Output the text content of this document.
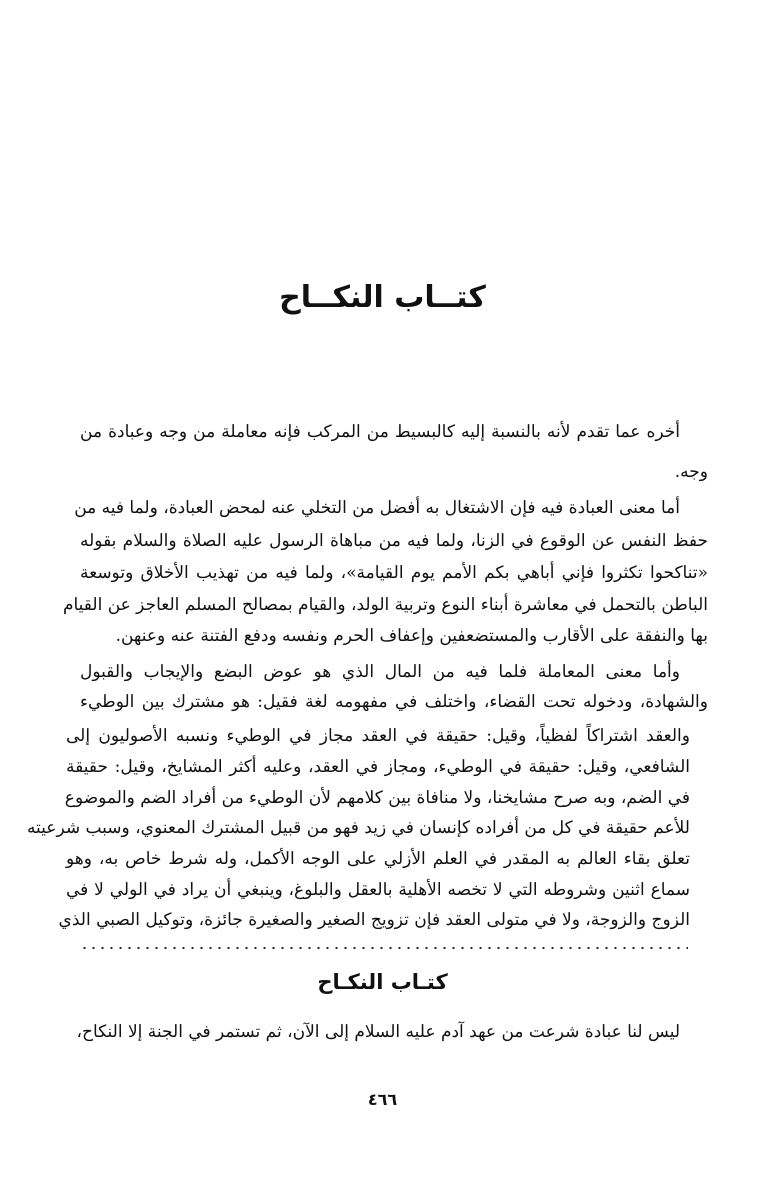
كتــاب النكــاح
أخره عما تقدم لأنه بالنسبة إليه كالبسيط من المركب فإنه معاملة من وجه وعبادة من
وجه.
أما معنى العبادة فيه فإن الاشتغال به أفضل من التخلي عنه لمحض العبادة، ولما فيه من
حفظ النفس عن الوقوع في الزنا، ولما فيه من مباهاة الرسول عليه الصلاة والسلام بقوله
«تناكحوا تكثروا فإني أباهي بكم الأمم يوم القيامة»، ولما فيه من تهذيب الأخلاق وتوسعة
الباطن بالتحمل في معاشرة أبناء النوع وتربية الولد، والقيام بمصالح المسلم العاجز عن القيام
بها والنفقة على الأقارب والمستضعفين وإعفاف الحرم ونفسه ودفع الفتنة عنه وعنهن.
وأما معنى المعاملة فلما فيه من المال الذي هو عوض البضع والإيجاب والقبول
والشهادة، ودخوله تحت القضاء، واختلف في مفهومه لغة فقيل: هو مشترك بين الوطيء
والعقد اشتراكاً لفظياً، وقيل: حقيقة في العقد مجاز في الوطيء ونسبه الأصوليون إلى
الشافعي، وقيل: حقيقة في الوطيء، ومجاز في العقد، وعليه أكثر المشايخ، وقيل: حقيقة
في الضم، وبه صرح مشايخنا، ولا منافاة بين كلامهم لأن الوطيء من أفراد الضم والموضوع
للأعم حقيقة في كل من أفراده كإنسان في زيد فهو من قبيل المشترك المعنوي، وسبب شرعيته
تعلق بقاء العالم به المقدر في العلم الأزلي على الوجه الأكمل، وله شرط خاص به، وهو
سماع اثنين وشروطه التي لا تخصه الأهلية بالعقل والبلوغ، وينبغي أن يراد في الولي لا في
الزوج والزوجة، ولا في متولى العقد فإن تزويج الصغير والصغيرة جائزة، وتوكيل الصبي الذي
كتـاب النكـاح
ليس لنا عبادة شرعت من عهد آدم عليه السلام إلى الآن، ثم تستمر في الجنة إلا النكاح،
٤٦٦
